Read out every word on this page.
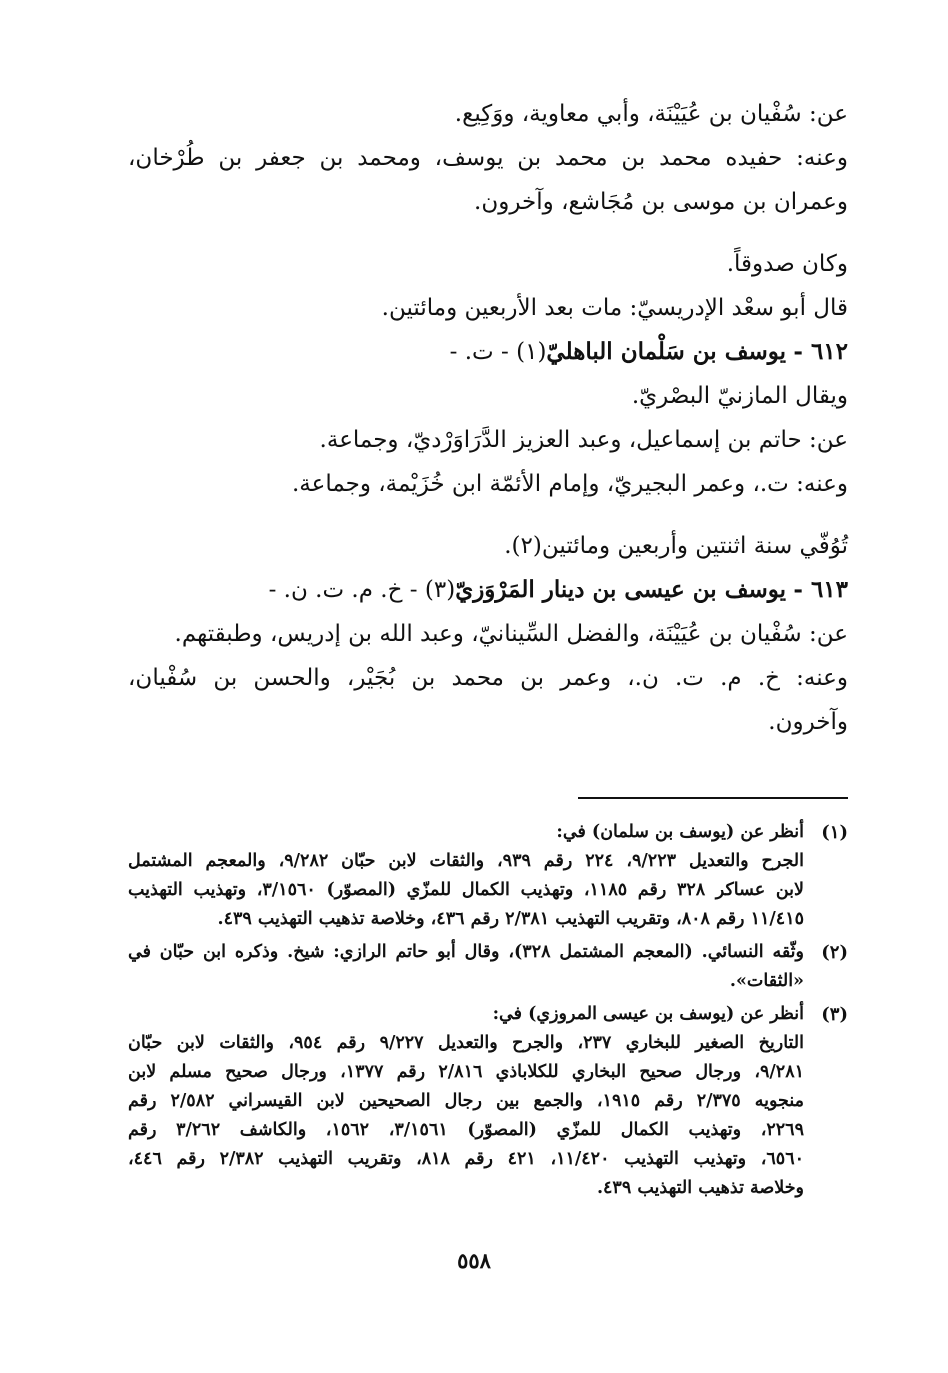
عن: سُفْيان بن عُيَيْنَة، وأبي معاوية، ووَكِيع.

وعنه: حفيده محمد بن محمد بن يوسف، ومحمد بن جعفر بن طُرْخان،

وعمران بن موسى بن مُجَاشع، وآخرون.

وكان صدوقاً.

قال أبو سعْد الإدريسيّ: مات بعد الأربعين ومائتين.

٦١٢ - يوسف بن سَلْمان الباهليّ(١) - ت. -

ويقال المازنيّ البصْريّ.

عن: حاتم بن إسماعيل، وعبد العزيز الدَّرَاوَرْديّ، وجماعة.

وعنه: ت.، وعمر البجيريّ، وإمام الأئمّة ابن خُزَيْمة، وجماعة.

تُوُفّي سنة اثنتين وأربعين ومائتين(٢).

٦١٣ - يوسف بن عيسى بن دينار المَرْوَزيّ(٣) - خ. م. ت. ن. -

عن: سُفْيان بن عُيَيْنَة، والفضل السِّينانيّ، وعبد الله بن إدريس، وطبقتهم.

وعنه: خ. م. ت. ن.، وعمر بن محمد بن بُجَيْر، والحسن بن سُفْيان،

وآخرون.

(١)

أنظر عن (يوسف بن سلمان) في:

الجرح والتعديل ٩/٢٢٣، ٢٢٤ رقم ٩٣٩، والثقات لابن حبّان ٩/٢٨٢، والمعجم المشتمل

لابن عساكر ٣٢٨ رقم ١١٨٥، وتهذيب الكمال للمزّي (المصوّر) ٣/١٥٦٠، وتهذيب التهذيب

١١/٤١٥ رقم ٨٠٨، وتقريب التهذيب ٢/٣٨١ رقم ٤٣٦، وخلاصة تذهيب التهذيب ٤٣٩.

(٢)

وثّقه النسائي. (المعجم المشتمل ٣٢٨)، وقال أبو حاتم الرازي: شيخ. وذكره ابن حبّان في

«الثقات».

(٣)

أنظر عن (يوسف بن عيسى المروزي) في:

التاريخ الصغير للبخاري ٢٣٧، والجرح والتعديل ٩/٢٢٧ رقم ٩٥٤، والثقات لابن حبّان

٩/٢٨١، ورجال صحيح البخاري للكلاباذي ٢/٨١٦ رقم ١٣٧٧، ورجال صحيح مسلم لابن

منجويه ٢/٣٧٥ رقم ١٩١٥، والجمع بين رجال الصحيحين لابن القيسراني ٢/٥٨٢ رقم

٢٢٦٩، وتهذيب الكمال للمزّي (المصوّر) ٣/١٥٦١، ١٥٦٢، والكاشف ٣/٢٦٢ رقم

٦٥٦٠، وتهذيب التهذيب ١١/٤٢٠، ٤٢١ رقم ٨١٨، وتقريب التهذيب ٢/٣٨٢ رقم ٤٤٦،

وخلاصة تذهيب التهذيب ٤٣٩.

٥٥٨
